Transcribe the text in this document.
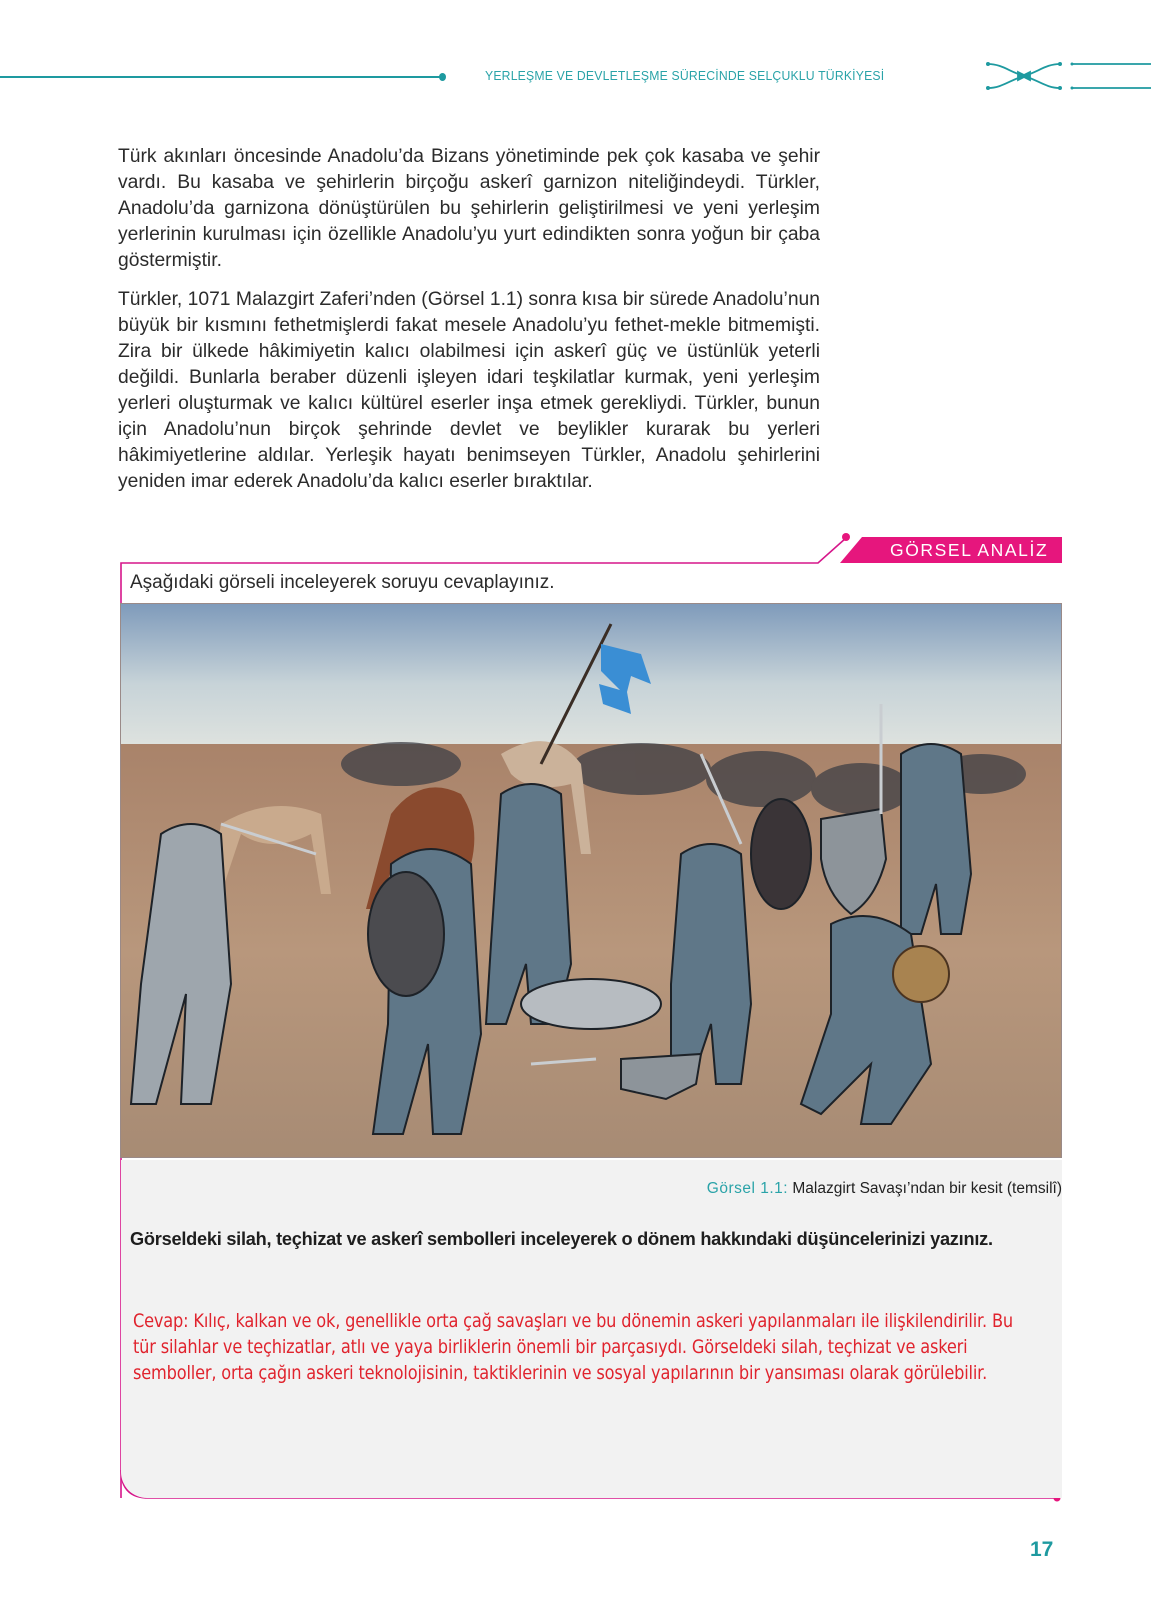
YERLEŞME VE DEVLETLEŞME SÜRECİNDE SELÇUKLU TÜRKİYESİ

Türk akınları öncesinde Anadolu’da Bizans yönetiminde pek çok kasaba ve şehir vardı. Bu kasaba ve şehirlerin birçoğu askerî garnizon niteliğindeydi. Türkler, Anadolu’da garnizona dönüştürülen bu şehirlerin geliştirilmesi ve yeni yerleşim yerlerinin kurulması için özellikle Anadolu’yu yurt edindikten sonra yoğun bir çaba göstermiştir.

Türkler, 1071 Malazgirt Zaferi’nden (Görsel 1.1) sonra kısa bir sürede Anadolu’nun büyük bir kısmını fethetmişlerdi fakat mesele Anadolu’yu fethet-mekle bitmemişti. Zira bir ülkede hâkimiyetin kalıcı olabilmesi için askerî güç ve üstünlük yeterli değildi. Bunlarla beraber düzenli işleyen idari teşkilatlar kurmak, yeni yerleşim yerleri oluşturmak ve kalıcı kültürel eserler inşa etmek gerekliydi. Türkler, bunun için Anadolu’nun birçok şehrinde devlet ve beylikler kurarak bu yerleri hâkimiyetlerine aldılar. Yerleşik hayatı benimseyen Türkler, Anadolu şehirlerini yeniden imar ederek Anadolu’da kalıcı eserler bıraktılar.

GÖRSEL ANALİZ
Aşağıdaki görseli inceleyerek soruyu cevaplayınız.
Görsel 1.1: Malazgirt Savaşı’ndan bir kesit (temsilî)
Görseldeki silah, teçhizat ve askerî sembolleri inceleyerek o dönem hakkındaki düşüncelerinizi yazınız.
Cevap: Kılıç, kalkan ve ok, genellikle orta çağ savaşları ve bu dönemin askeri yapılanmaları ile ilişkilendirilir. Bu tür silahlar ve teçhizatlar, atlı ve yaya birliklerin önemli bir parçasıydı. Görseldeki silah, teçhizat ve askeri semboller, orta çağın askeri teknolojisinin, taktiklerinin ve sosyal yapılarının bir yansıması olarak görülebilir.
17
